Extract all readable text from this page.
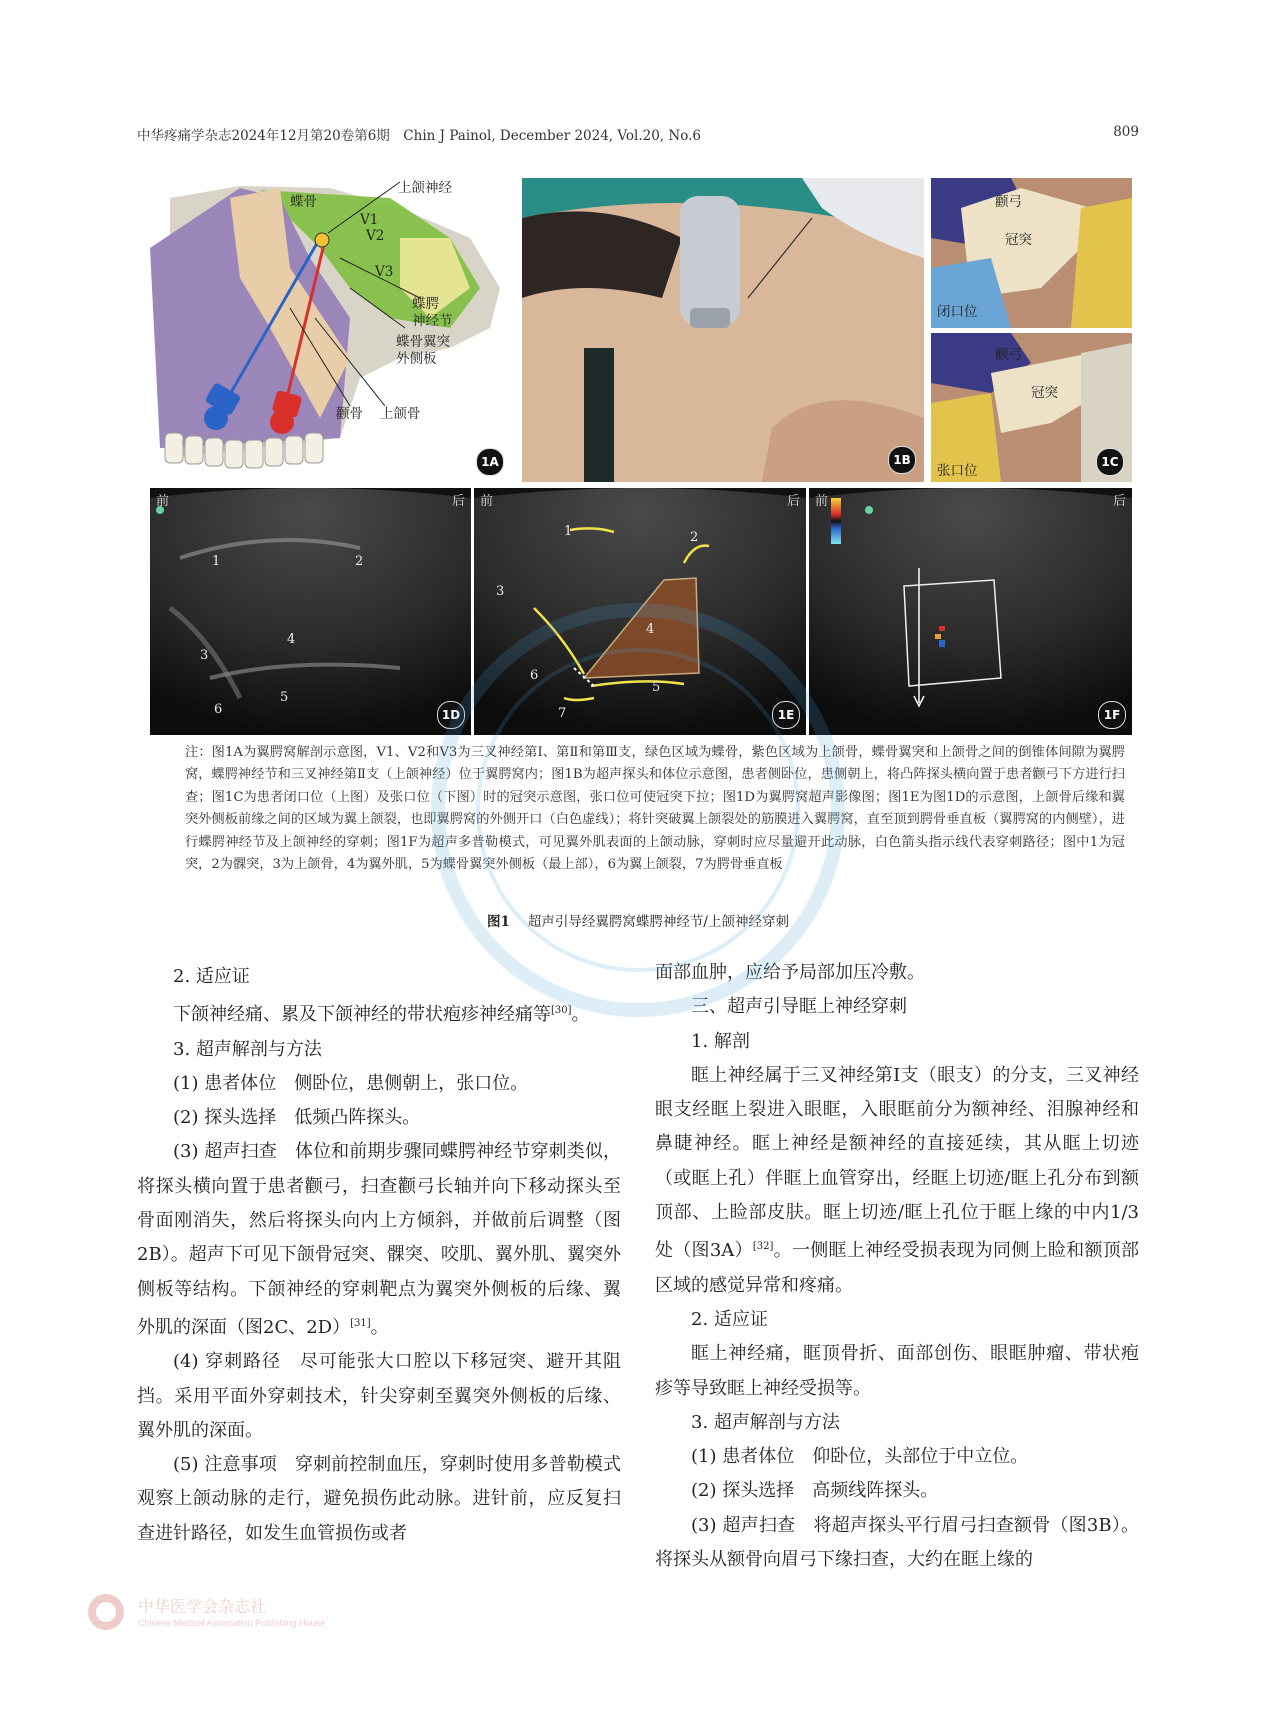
中华疼痛学杂志2024年12月第20卷第6期　Chin J Painol, December 2024, Vol.20, No.6	809
上颌神经
蝶骨
V1
V2
V3
蝶腭
神经节
蝶骨翼突
外侧板
颧骨 上颌骨
1A	1B
颧弓
冠突
闭口位
颧弓
冠突
张口位
1C
前	后
1	2
3
4
5
6	1D
前	后
1	2
3
4
5
6
7	1E
前	后
1F
注：图1A为翼腭窝解剖示意图，V1、V2和V3为三叉神经第Ⅰ、第Ⅱ和第Ⅲ支，绿色区域为蝶骨，紫色区域为上颌骨，蝶骨翼突和上颌骨之间的倒锥体间隙为翼腭窝，蝶腭神经节和三叉神经第Ⅱ支（上颌神经）位于翼腭窝内；图1B为超声探头和体位示意图，患者侧卧位，患侧朝上，将凸阵探头横向置于患者颧弓下方进行扫查；图1C为患者闭口位（上图）及张口位（下图）时的冠突示意图，张口位可使冠突下拉；图1D为翼腭窝超声影像图；图1E为图1D的示意图，上颌骨后缘和翼突外侧板前缘之间的区域为翼上颌裂，也即翼腭窝的外侧开口（白色虚线）；将针突破翼上颌裂处的筋膜进入翼腭窝，直至顶到腭骨垂直板（翼腭窝的内侧壁），进行蝶腭神经节及上颌神经的穿刺；图1F为超声多普勒模式，可见翼外肌表面的上颌动脉，穿刺时应尽量避开此动脉，白色箭头指示线代表穿刺路径；图中1为冠突，2为髁突，3为上颌骨，4为翼外肌，5为蝶骨翼突外侧板（最上部），6为翼上颌裂，7为腭骨垂直板
图1 超声引导经翼腭窝蝶腭神经节/上颌神经穿刺

2. 适应证

下颌神经痛、累及下颌神经的带状疱疹神经痛等[30]。

3. 超声解剖与方法

(1) 患者体位　侧卧位，患侧朝上，张口位。

(2) 探头选择　低频凸阵探头。

(3) 超声扫查　体位和前期步骤同蝶腭神经节穿刺类似，将探头横向置于患者颧弓，扫查颧弓长轴并向下移动探头至骨面刚消失，然后将探头向内上方倾斜，并做前后调整（图2B）。超声下可见下颌骨冠突、髁突、咬肌、翼外肌、翼突外侧板等结构。下颌神经的穿刺靶点为翼突外侧板的后缘、翼外肌的深面（图2C、2D）[31]。

(4) 穿刺路径　尽可能张大口腔以下移冠突、避开其阻挡。采用平面外穿刺技术，针尖穿刺至翼突外侧板的后缘、翼外肌的深面。

(5) 注意事项　穿刺前控制血压，穿刺时使用多普勒模式观察上颌动脉的走行，避免损伤此动脉。进针前，应反复扫查进针路径，如发生血管损伤或者

面部血肿，应给予局部加压冷敷。

三、超声引导眶上神经穿刺

1. 解剖

眶上神经属于三叉神经第Ⅰ支（眼支）的分支，三叉神经眼支经眶上裂进入眼眶，入眼眶前分为额神经、泪腺神经和鼻睫神经。眶上神经是额神经的直接延续，其从眶上切迹（或眶上孔）伴眶上血管穿出，经眶上切迹/眶上孔分布到额顶部、上睑部皮肤。眶上切迹/眶上孔位于眶上缘的中内1/3处（图3A）[32]。一侧眶上神经受损表现为同侧上睑和额顶部区域的感觉异常和疼痛。

2. 适应证

眶上神经痛，眶顶骨折、面部创伤、眼眶肿瘤、带状疱疹等导致眶上神经受损等。

3. 超声解剖与方法

(1) 患者体位　仰卧位，头部位于中立位。

(2) 探头选择　高频线阵探头。

(3) 超声扫查　将超声探头平行眉弓扫查额骨（图3B）。将探头从额骨向眉弓下缘扫查，大约在眶上缘的

中华医学会杂志社
Chinese Medical Association Publishing House
